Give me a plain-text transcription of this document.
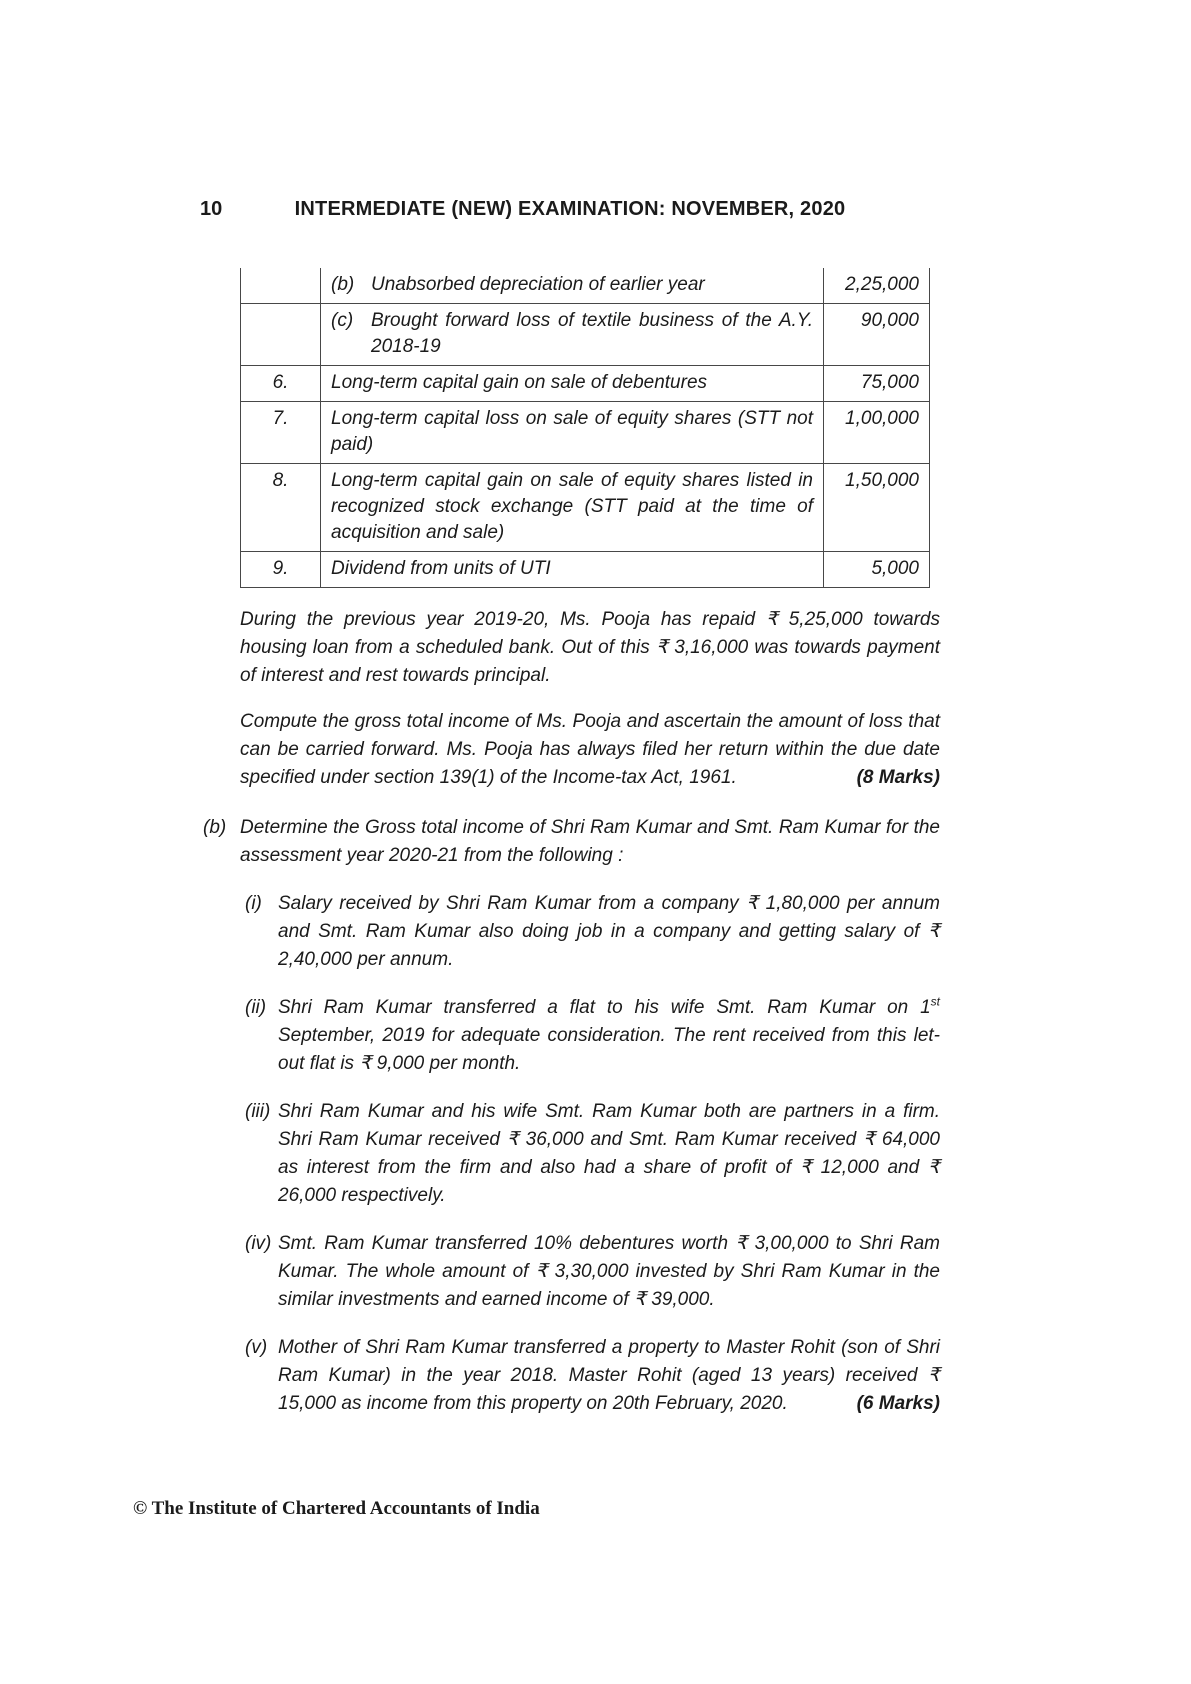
10	INTERMEDIATE (NEW) EXAMINATION: NOVEMBER, 2020

	(b) Unabsorbed depreciation of earlier year	2,25,000

	(c) Brought forward loss of textile business of the A.Y. 2018-19	90,000
6.	Long-term capital gain on sale of debentures	75,000
7.	Long-term capital loss on sale of equity shares (STT not paid)	1,00,000
8.	Long-term capital gain on sale of equity shares listed in recognized stock exchange (STT paid at the time of acquisition and sale)	1,50,000
9.	Dividend from units of UTI	5,000
During the previous year 2019-20, Ms. Pooja has repaid ₹ 5,25,000 towards housing loan from a scheduled bank. Out of this ₹ 3,16,000 was towards payment of interest and rest towards principal.
Compute the gross total income of Ms. Pooja and ascertain the amount of loss that can be carried forward. Ms. Pooja has always filed her return within the due date specified under section 139(1) of the Income-tax Act, 1961.	(8 Marks)
(b) Determine the Gross total income of Shri Ram Kumar and Smt. Ram Kumar for the assessment year 2020-21 from the following :
(i) Salary received by Shri Ram Kumar from a company ₹ 1,80,000 per annum and Smt. Ram Kumar also doing job in a company and getting salary of ₹ 2,40,000 per annum.
(ii) Shri Ram Kumar transferred a flat to his wife Smt. Ram Kumar on 1st September, 2019 for adequate consideration. The rent received from this let-out flat is ₹ 9,000 per month.
(iii) Shri Ram Kumar and his wife Smt. Ram Kumar both are partners in a firm. Shri Ram Kumar received ₹ 36,000 and Smt. Ram Kumar received ₹ 64,000 as interest from the firm and also had a share of profit of ₹ 12,000 and ₹ 26,000 respectively.
(iv) Smt. Ram Kumar transferred 10% debentures worth ₹ 3,00,000 to Shri Ram Kumar. The whole amount of ₹ 3,30,000 invested by Shri Ram Kumar in the similar investments and earned income of ₹ 39,000.
(v) Mother of Shri Ram Kumar transferred a property to Master Rohit (son of Shri Ram Kumar) in the year 2018. Master Rohit (aged 13 years) received ₹ 15,000 as income from this property on 20th February, 2020.	(6 Marks)
© The Institute of Chartered Accountants of India
